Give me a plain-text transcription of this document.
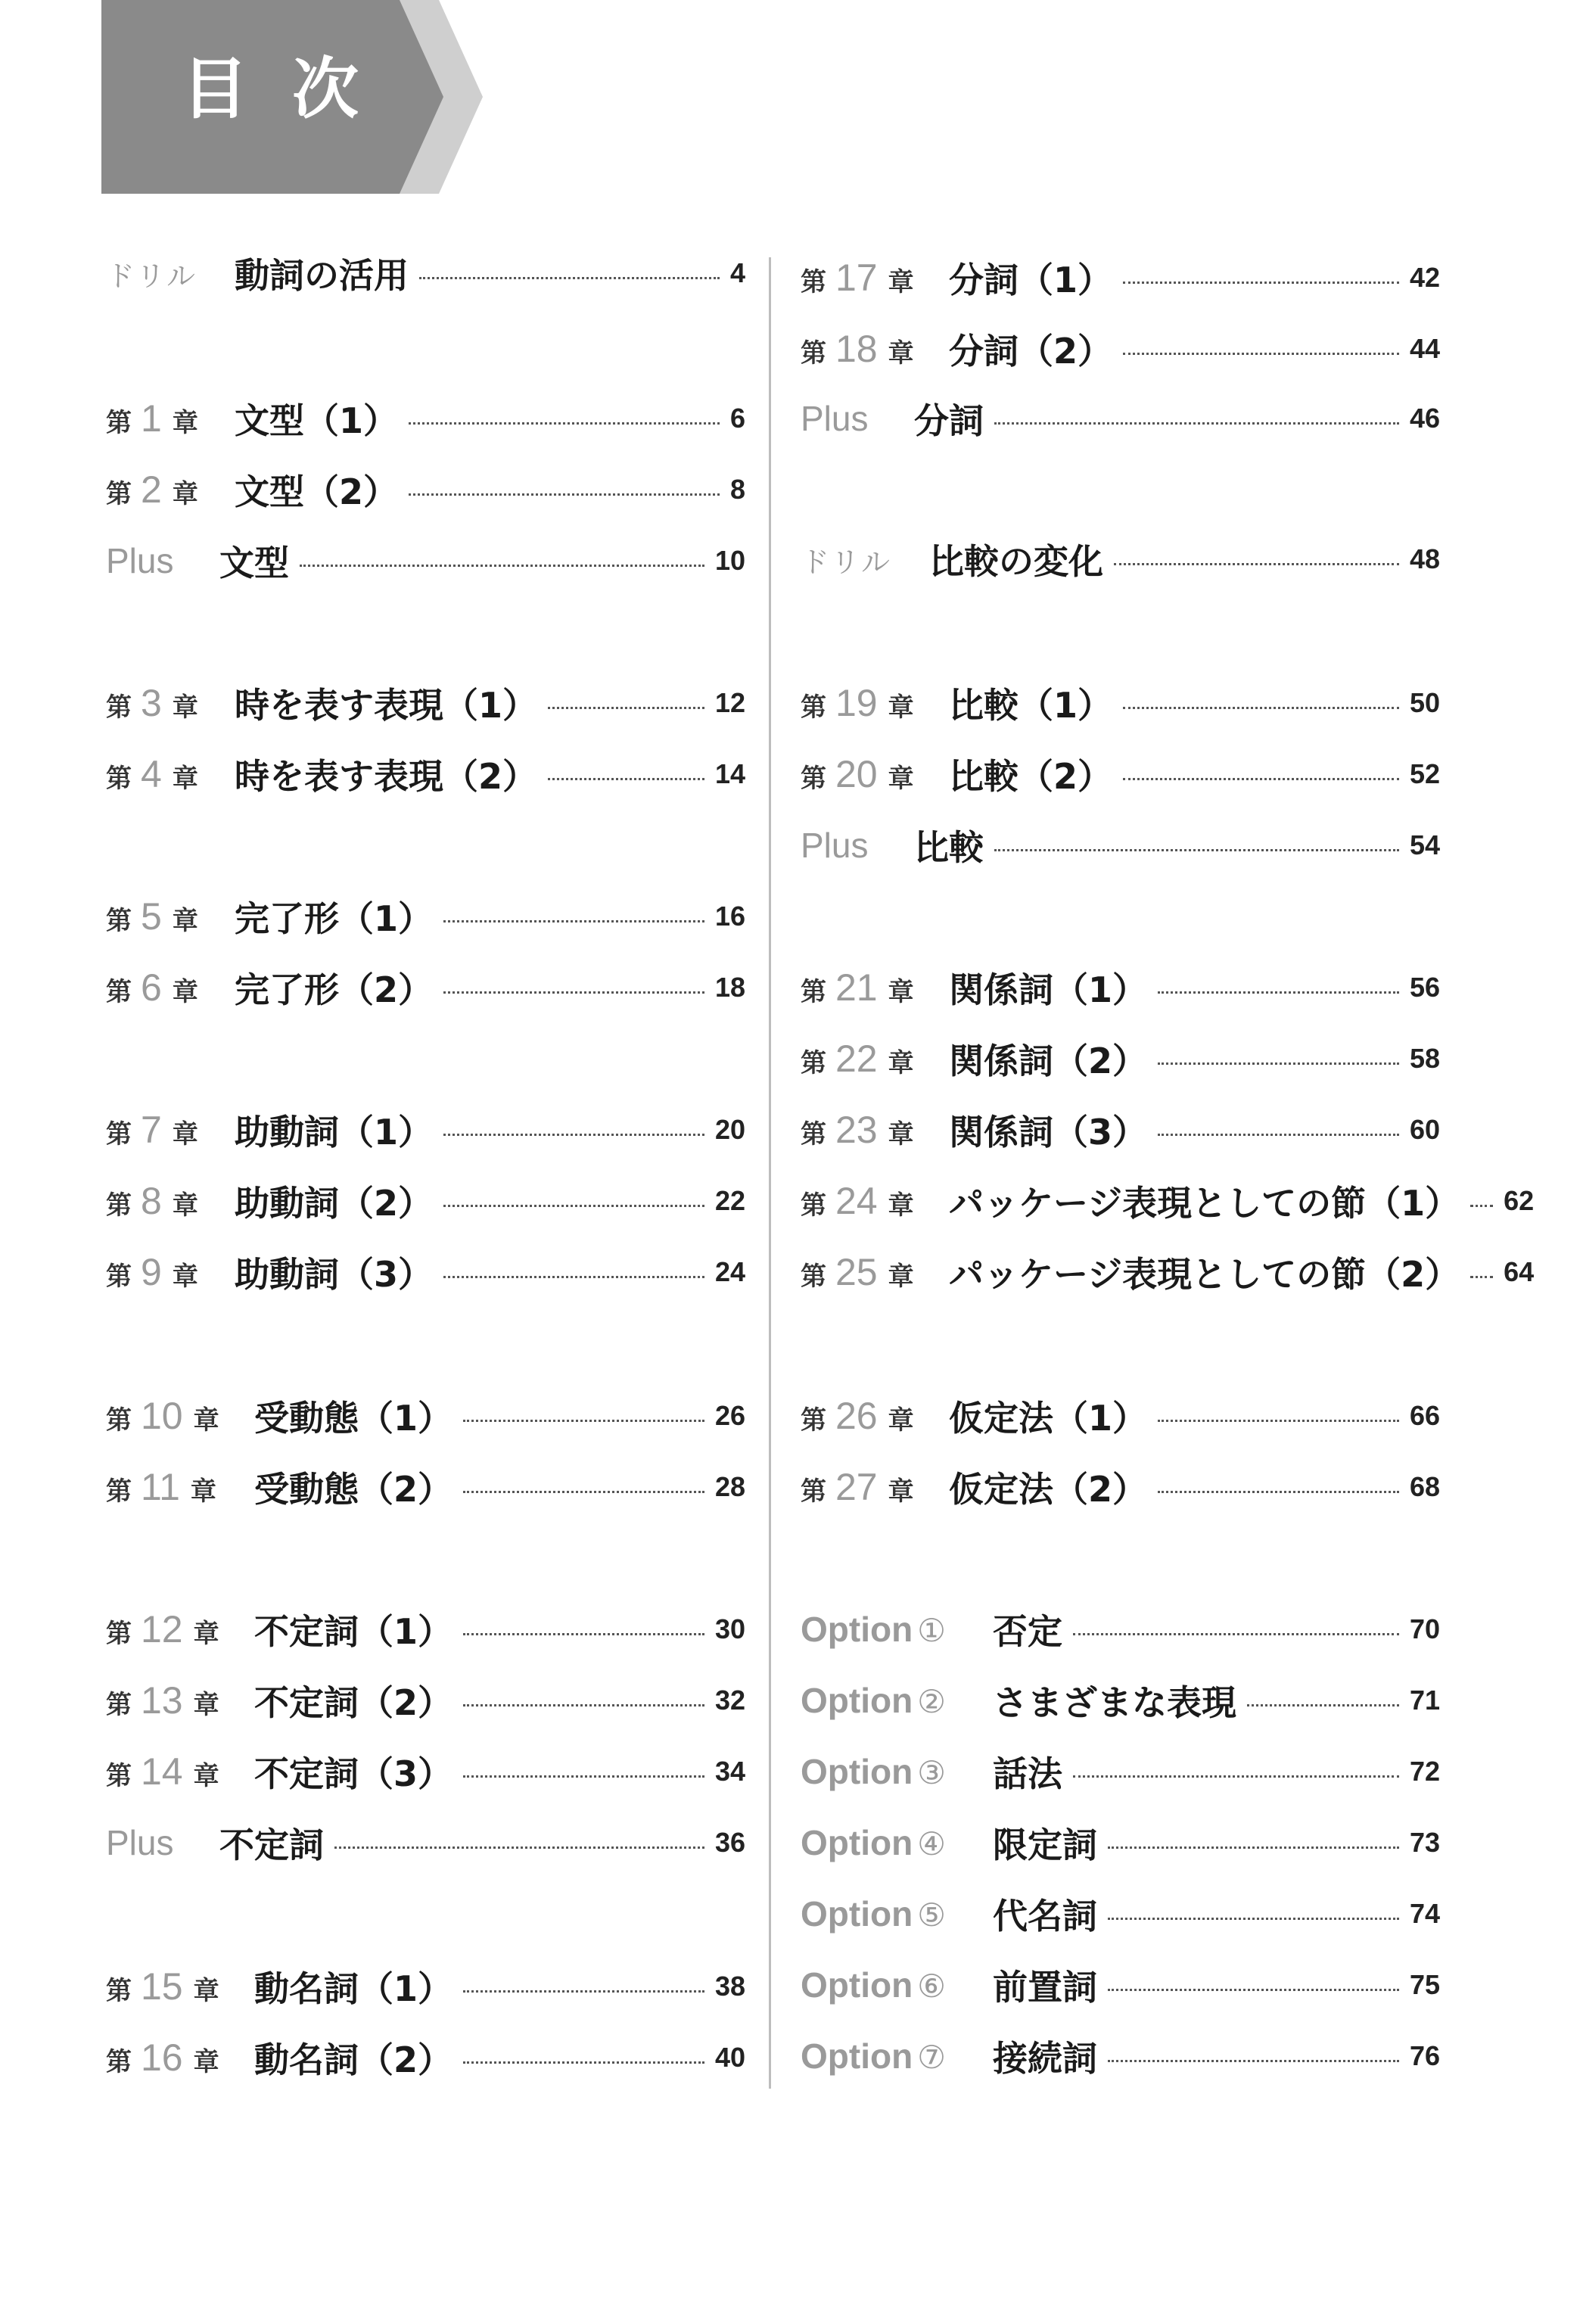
目次
ドリル 動詞の活用	4
第 1 章 文型（1）	6
第 2 章 文型（2）	8
Plus 文型	10
第 3 章 時を表す表現（1）	12
第 4 章 時を表す表現（2）	14
第 5 章 完了形（1）	16
第 6 章 完了形（2）	18
第 7 章 助動詞（1）	20
第 8 章 助動詞（2）	22
第 9 章 助動詞（3）	24
第 10 章 受動態（1）	26
第 11 章 受動態（2）	28
第 12 章 不定詞（1）	30
第 13 章 不定詞（2）	32
第 14 章 不定詞（3）	34
Plus 不定詞	36
第 15 章 動名詞（1）	38
第 16 章 動名詞（2）	40
第 17 章 分詞（1）	42
第 18 章 分詞（2）	44
Plus 分詞	46
ドリル 比較の変化	48
第 19 章 比較（1）	50
第 20 章 比較（2）	52
Plus 比較	54
第 21 章 関係詞（1）	56
第 22 章 関係詞（2）	58
第 23 章 関係詞（3）	60
第 24 章 パッケージ表現としての節（1） 62
第 25 章 パッケージ表現としての節（2） 64
第 26 章 仮定法（1）	66
第 27 章 仮定法（2）	68
Option ① 否定	70
Option ② さまざまな表現	71
Option ③ 話法	72
Option ④ 限定詞	73
Option ⑤ 代名詞	74
Option ⑥ 前置詞	75
Option ⑦ 接続詞	76
